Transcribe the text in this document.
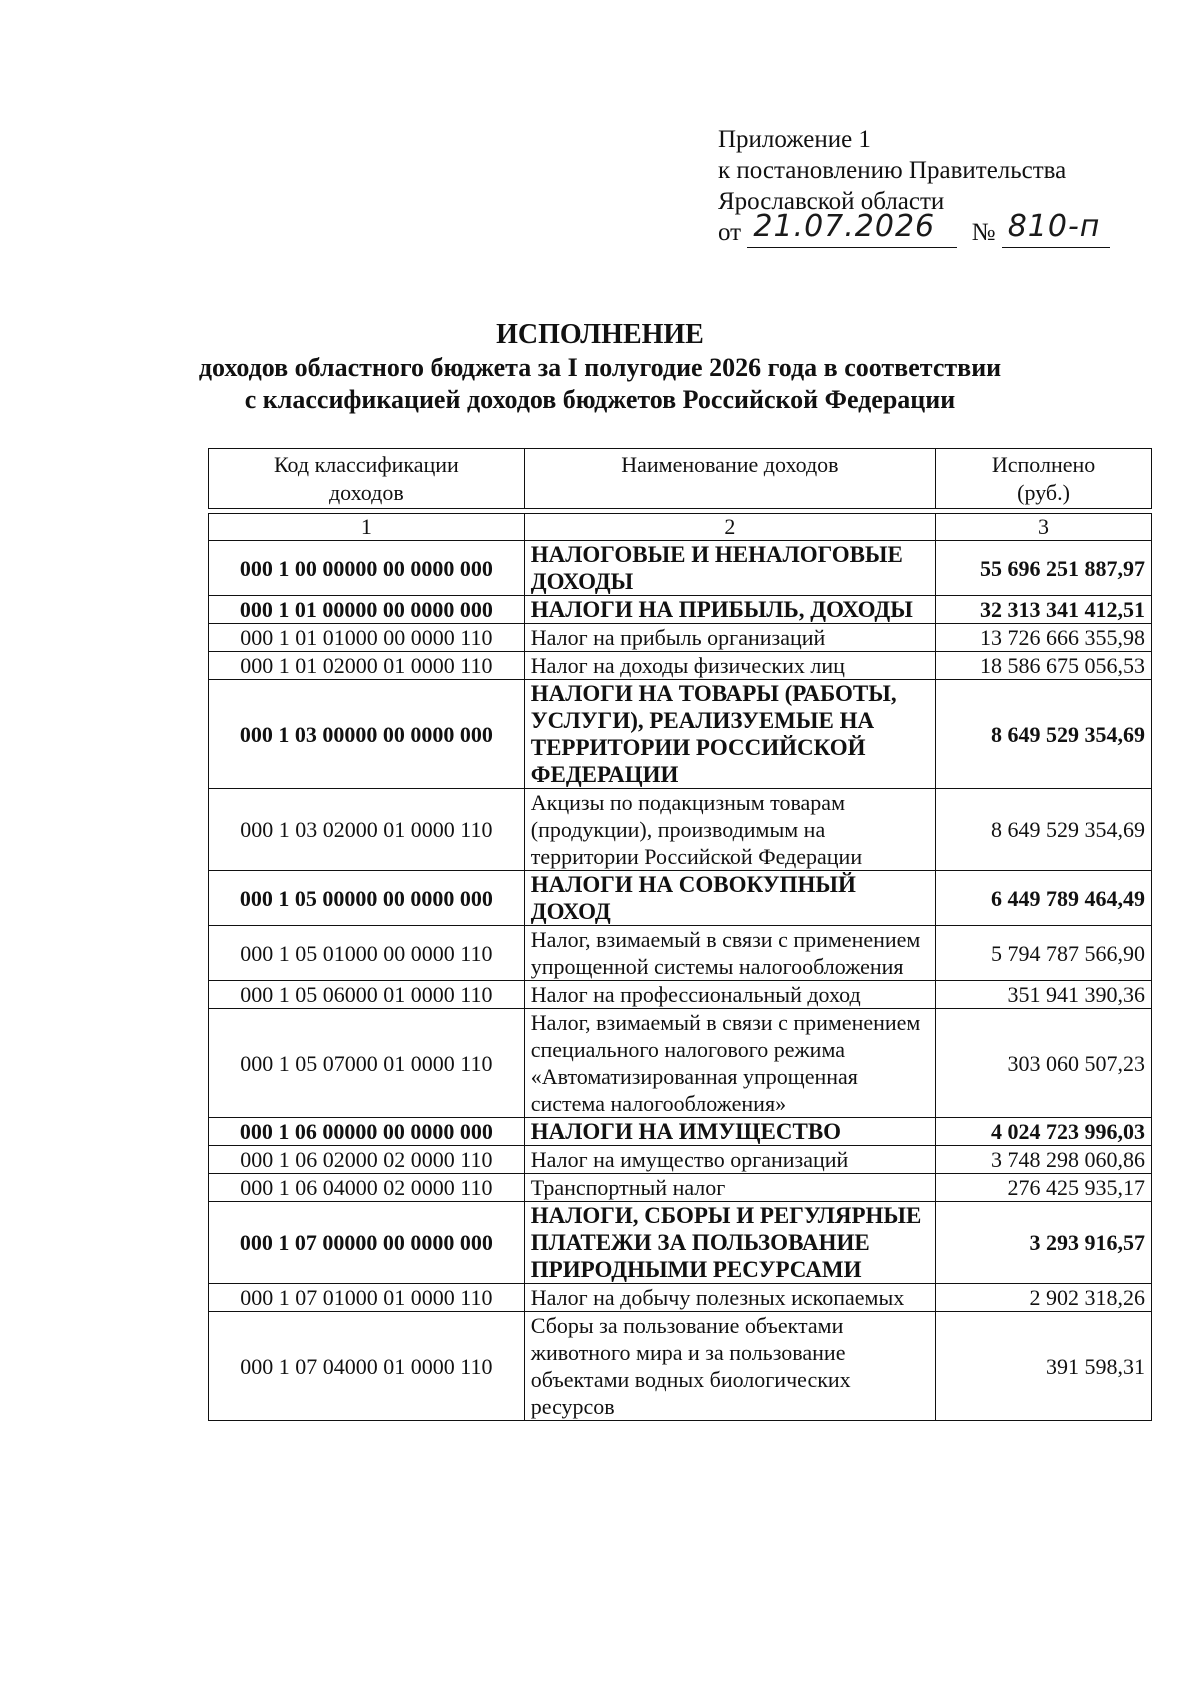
Приложение 1
к постановлению Правительства
Ярославской области
от 21.07.2026 № 810-п
ИСПОЛНЕНИЕ
доходов областного бюджета за I полугодие 2026 года в соответствии
с классификацией доходов бюджетов Российской Федерации
Код классификации доходов	Наименование доходов	Исполнено (руб.)

1	2	3
000 1 00 00000 00 0000 000	НАЛОГОВЫЕ И НЕНАЛОГОВЫЕ ДОХОДЫ	55 696 251 887,97
000 1 01 00000 00 0000 000	НАЛОГИ НА ПРИБЫЛЬ, ДОХОДЫ	32 313 341 412,51
000 1 01 01000 00 0000 110	Налог на прибыль организаций	13 726 666 355,98
000 1 01 02000 01 0000 110	Налог на доходы физических лиц	18 586 675 056,53
000 1 03 00000 00 0000 000	НАЛОГИ НА ТОВАРЫ (РАБОТЫ, УСЛУГИ), РЕАЛИЗУЕМЫЕ НА ТЕРРИТОРИИ РОССИЙСКОЙ ФЕДЕРАЦИИ	8 649 529 354,69
000 1 03 02000 01 0000 110	Акцизы по подакцизным товарам (продукции), производимым на территории Российской Федерации	8 649 529 354,69
000 1 05 00000 00 0000 000	НАЛОГИ НА СОВОКУПНЫЙ ДОХОД	6 449 789 464,49
000 1 05 01000 00 0000 110	Налог, взимаемый в связи с применением упрощенной системы налогообложения	5 794 787 566,90
000 1 05 06000 01 0000 110	Налог на профессиональный доход	351 941 390,36
000 1 05 07000 01 0000 110	Налог, взимаемый в связи с применением специального налогового режима «Автоматизированная упрощенная система налогообложения»	303 060 507,23
000 1 06 00000 00 0000 000	НАЛОГИ НА ИМУЩЕСТВО	4 024 723 996,03
000 1 06 02000 02 0000 110	Налог на имущество организаций	3 748 298 060,86
000 1 06 04000 02 0000 110	Транспортный налог	276 425 935,17
000 1 07 00000 00 0000 000	НАЛОГИ, СБОРЫ И РЕГУЛЯРНЫЕ ПЛАТЕЖИ ЗА ПОЛЬЗОВАНИЕ ПРИРОДНЫМИ РЕСУРСАМИ	3 293 916,57
000 1 07 01000 01 0000 110	Налог на добычу полезных ископаемых	2 902 318,26
000 1 07 04000 01 0000 110	Сборы за пользование объектами животного мира и за пользование объектами водных биологических ресурсов	391 598,31
